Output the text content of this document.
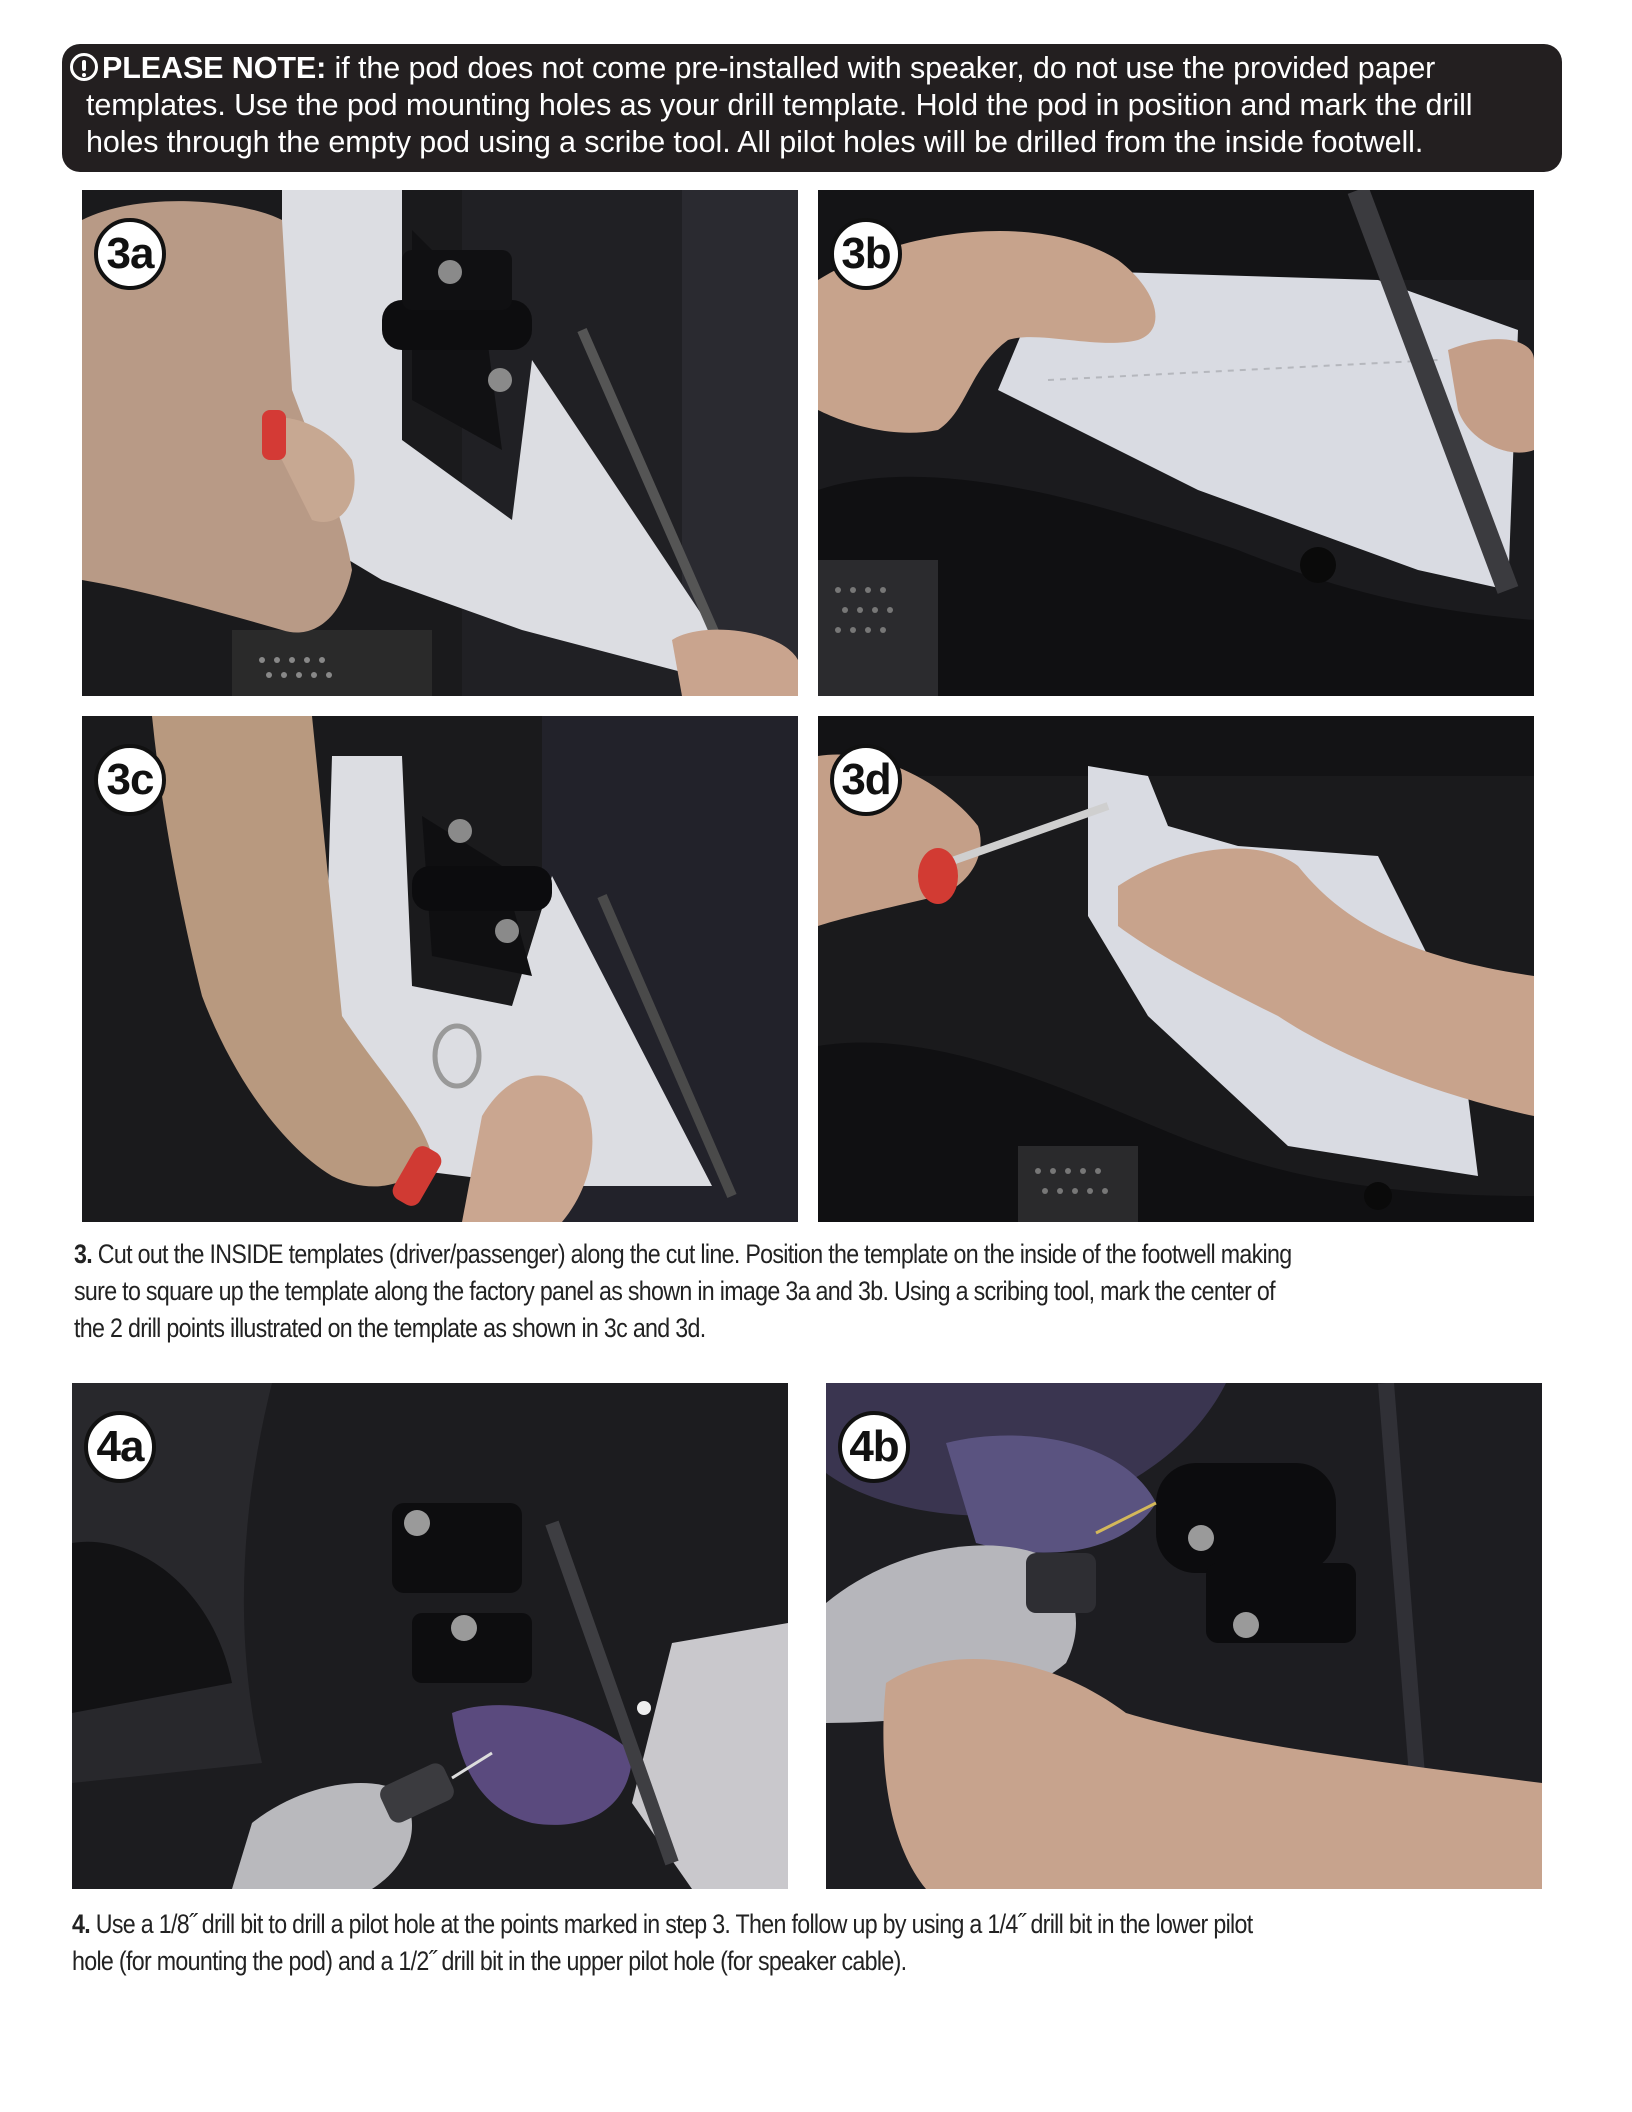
PLEASE NOTE: if the pod does not come pre-installed with speaker, do not use the provided paper
templates. Use the pod mounting holes as your drill template. Hold the pod in position and mark the drill
holes through the empty pod using a scribe tool. All pilot holes will be drilled from the inside footwell.
3a	3b
3c	3d
3. Cut out the INSIDE templates (driver/passenger) along the cut line. Position the template on the inside of the footwell making
sure to square up the template along the factory panel as shown in image 3a and 3b. Using a scribing tool, mark the center of
the 2 drill points illustrated on the template as shown in 3c and 3d.
4a	4b
4. Use a 1/8˝ drill bit to drill a pilot hole at the points marked in step 3. Then follow up by using a 1/4˝ drill bit in the lower pilot
hole (for mounting the pod) and a 1/2˝ drill bit in the upper pilot hole (for speaker cable).
